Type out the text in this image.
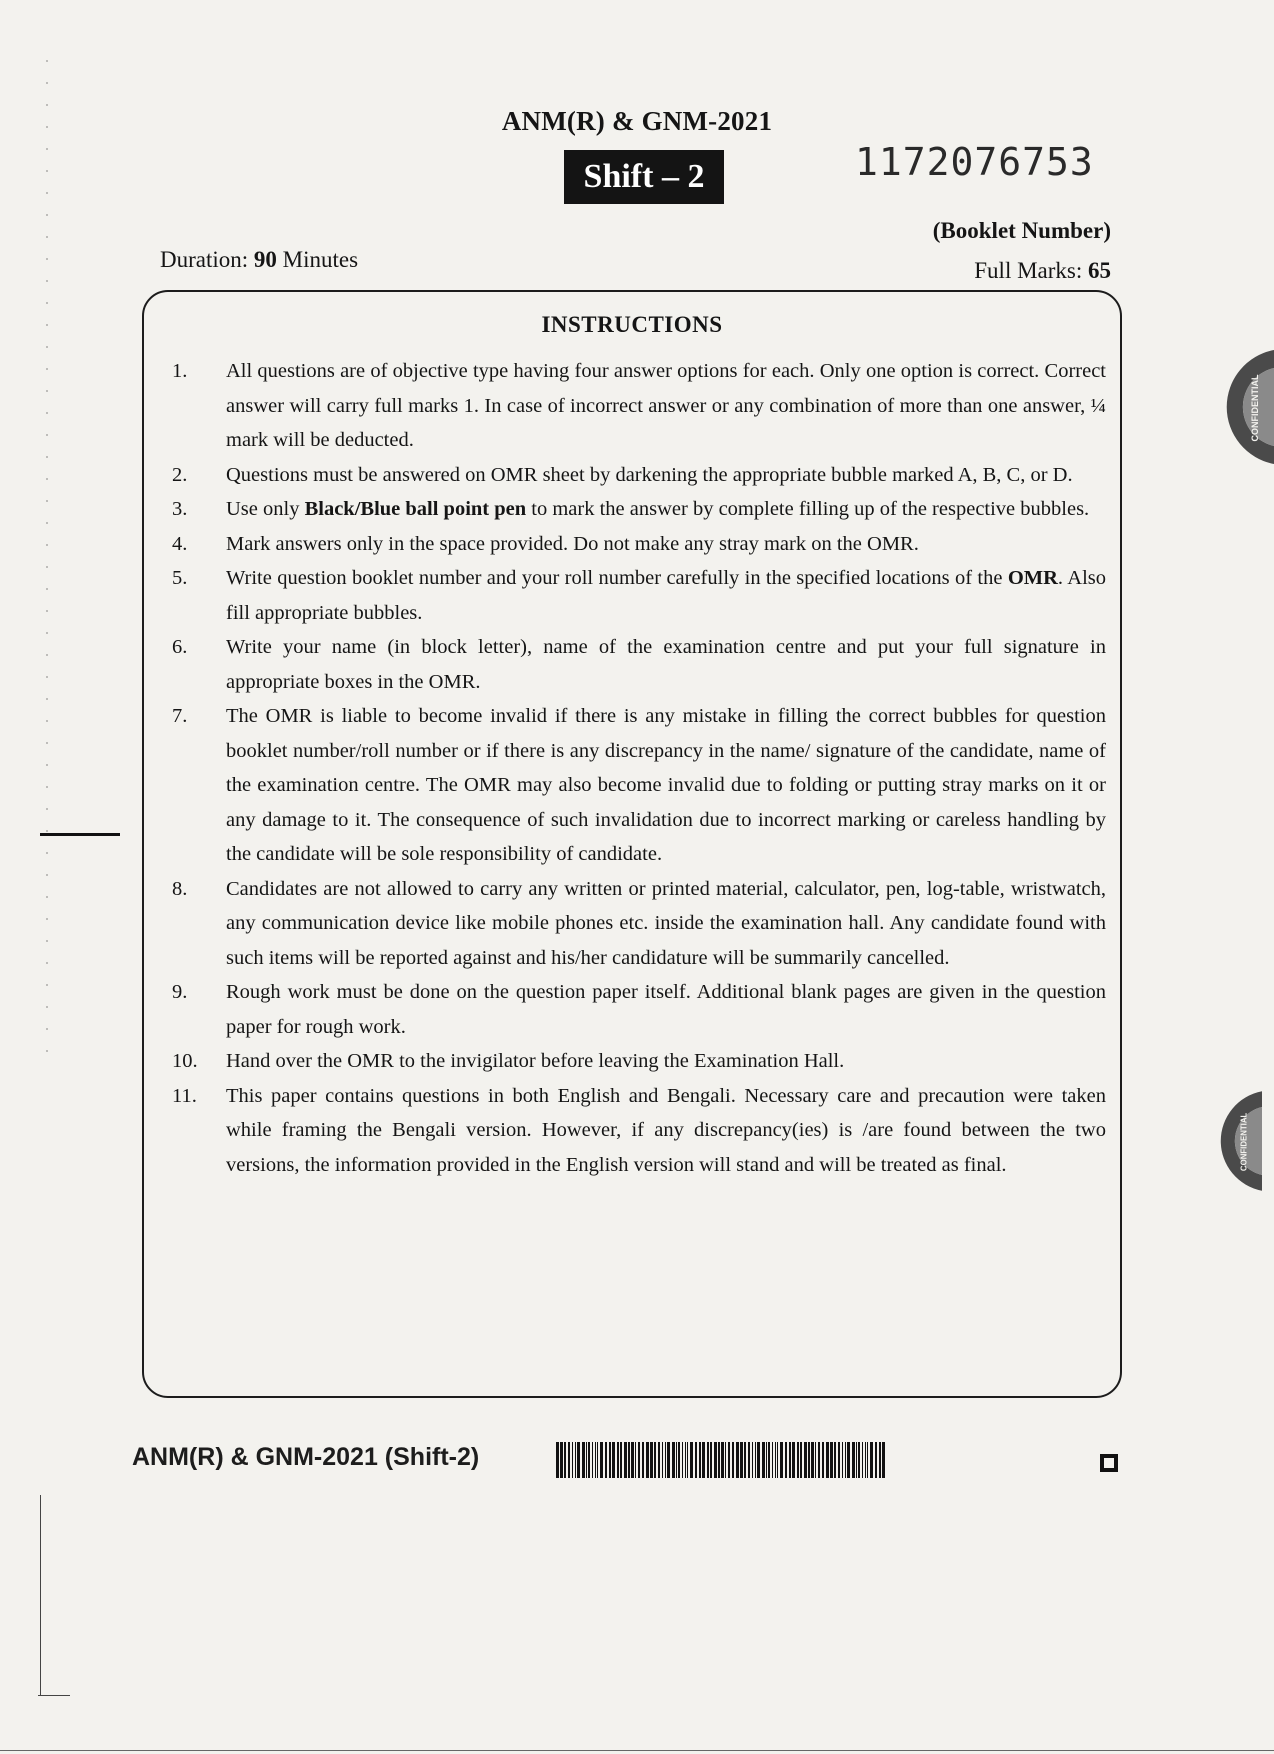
ANM(R) & GNM-2021
Shift – 2	1172076753
(Booklet Number)
Duration: 90 Minutes	Full Marks: 65
INSTRUCTIONS
1.	All questions are of objective type having four answer options for each. Only one option is correct. Correct answer will carry full marks 1. In case of incorrect answer or any combination of more than one answer, ¼ mark will be deducted.
2.	Questions must be answered on OMR sheet by darkening the appropriate bubble marked A, B, C, or D.
3.	Use only Black/Blue ball point pen to mark the answer by complete filling up of the respective bubbles.
4.	Mark answers only in the space provided. Do not make any stray mark on the OMR.
5.	Write question booklet number and your roll number carefully in the specified locations of the OMR. Also fill appropriate bubbles.
6.	Write your name (in block letter), name of the examination centre and put your full signature in appropriate boxes in the OMR.
7.	The OMR is liable to become invalid if there is any mistake in filling the correct bubbles for question booklet number/roll number or if there is any discrepancy in the name/ signature of the candidate, name of the examination centre. The OMR may also become invalid due to folding or putting stray marks on it or any damage to it. The consequence of such invalidation due to incorrect marking or careless handling by the candidate will be sole responsibility of candidate.
8.	Candidates are not allowed to carry any written or printed material, calculator, pen, log-table, wristwatch, any communication device like mobile phones etc. inside the examination hall. Any candidate found with such items will be reported against and his/her candidature will be summarily cancelled.
9.	Rough work must be done on the question paper itself. Additional blank pages are given in the question paper for rough work.
10.	Hand over the OMR to the invigilator before leaving the Examination Hall.
11.	This paper contains questions in both English and Bengali. Necessary care and precaution were taken while framing the Bengali version. However, if any discrepancy(ies) is /are found between the two versions, the information provided in the English version will stand and will be treated as final.
ANM(R) & GNM-2021 (Shift-2)
CONFIDENTIAL
CONFIDENTIAL
